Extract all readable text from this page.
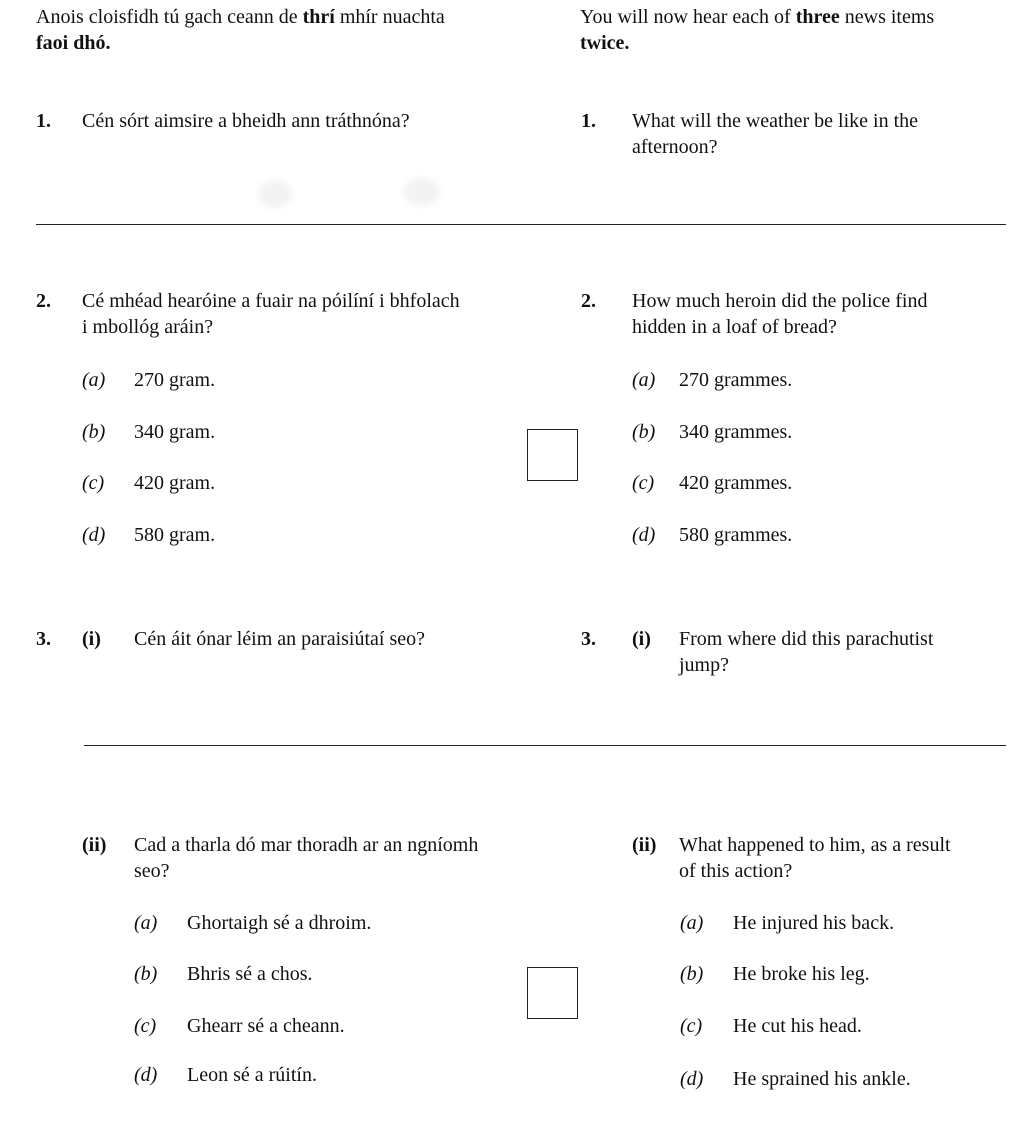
Anois cloisfidh tú gach ceann de thrí mhír nuachta
faoi dhó.
You will now hear each of three news items
twice.
1. Cén sórt aimsire a bheidh ann tráthnóna?	1. What will the weather be like in the
afternoon?
2. Cé mhéad hearóine a fuair na póilíní i bhfolach
i mbollóg aráin?
2. How much heroin did the police find
hidden in a loaf of bread?
(a) 270 gram.	(a) 270 grammes.
(b) 340 gram.	(b) 340 grammes.
(c) 420 gram.	(c) 420 grammes.
(d) 580 gram.	(d) 580 grammes.
3. (i) Cén áit ónar léim an paraisiútaí seo?	3. (i) From where did this parachutist
jump?
(ii) Cad a tharla dó mar thoradh ar an ngníomh
seo?
(ii) What happened to him, as a result
of this action?
(a) Ghortaigh sé a dhroim.	(a) He injured his back.
(b) Bhris sé a chos.	(b) He broke his leg.
(c) Ghearr sé a cheann.	(c) He cut his head.
(d) Leon sé a rúitín.	(d) He sprained his ankle.
